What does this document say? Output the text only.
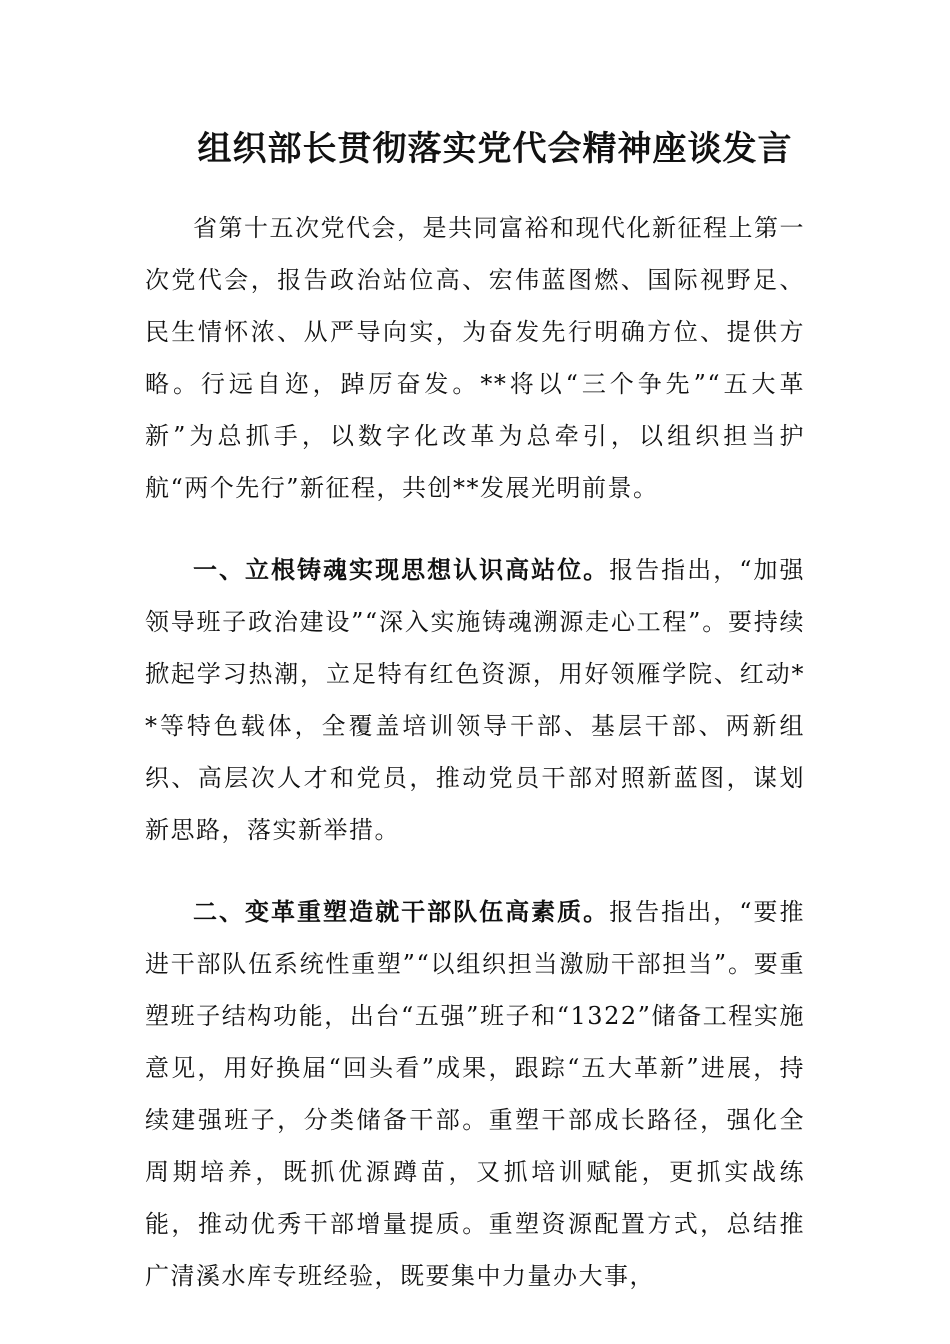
组织部长贯彻落实党代会精神座谈发言

省第十五次党代会，是共同富裕和现代化新征程上第一次党代会，报告政治站位高、宏伟蓝图燃、国际视野足、民生情怀浓、从严导向实，为奋发先行明确方位、提供方略。行远自迩，踔厉奋发。**将以“三个争先”“五大革新”为总抓手，以数字化改革为总牵引，以组织担当护航“两个先行”新征程，共创**发展光明前景。

一、立根铸魂实现思想认识高站位。报告指出，“加强领导班子政治建设”“深入实施铸魂溯源走心工程”。要持续掀起学习热潮，立足特有红色资源，用好领雁学院、红动**等特色载体，全覆盖培训领导干部、基层干部、两新组织、高层次人才和党员，推动党员干部对照新蓝图，谋划新思路，落实新举措。

二、变革重塑造就干部队伍高素质。报告指出，“要推进干部队伍系统性重塑”“以组织担当激励干部担当”。要重塑班子结构功能，出台“五强”班子和“1322”储备工程实施意见，用好换届“回头看”成果，跟踪“五大革新”进展，持续建强班子，分类储备干部。重塑干部成长路径，强化全周期培养，既抓优源蹲苗，又抓培训赋能，更抓实战练能，推动优秀干部增量提质。重塑资源配置方式，总结推广清溪水库专班经验，既要集中力量办大事，
